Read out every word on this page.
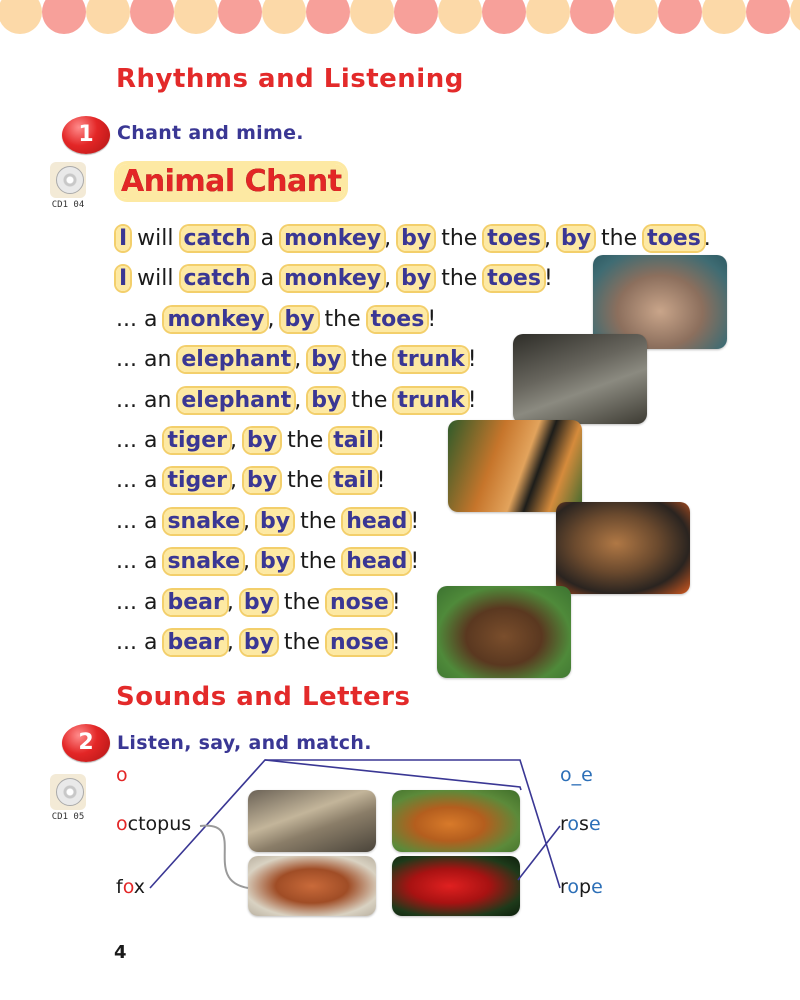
Rhythms and Listening
1	Chant and mime.
CD1 04
Animal Chant
I will catch a monkey , by the toes , by the toes .
I will catch a monkey , by the toes !
... a monkey , by the toes !
... an elephant , by the trunk !
... an elephant , by the trunk !
... a tiger , by the tail !
... a tiger , by the tail !
... a snake , by the head !
... a snake , by the head !
... a bear , by the nose !
... a bear , by the nose !
Sounds and Letters
2	Listen, say, and match.
CD1 05
o	o_e
octopus
fox
rose
rope
4
